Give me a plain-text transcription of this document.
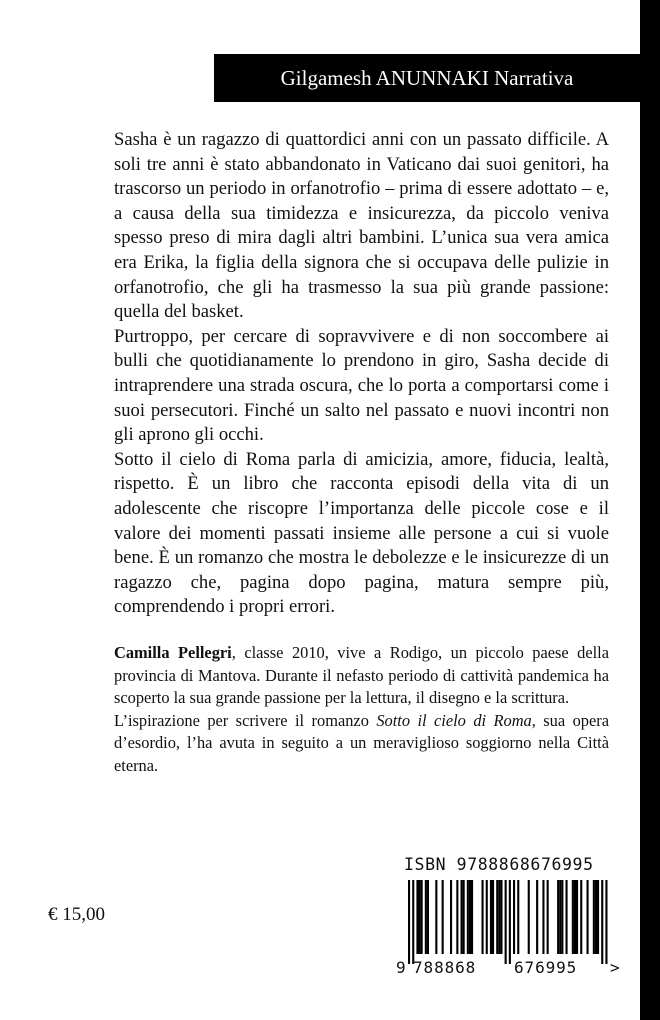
Gilgamesh ANUNNAKI Narrativa

Sasha è un ragazzo di quattordici anni con un passato difficile. A soli tre anni è stato abbandonato in Vaticano dai suoi genitori, ha trascorso un periodo in orfanotrofio – prima di essere adottato – e, a causa della sua timidezza e insicurezza, da piccolo veniva spesso preso di mira dagli altri bambini. L’unica sua vera amica era Erika, la figlia della signora che si occupava delle pulizie in orfanotrofio, che gli ha trasmesso la sua più grande passione: quella del basket.

Purtroppo, per cercare di sopravvivere e di non soccombere ai bulli che quotidianamente lo prendono in giro, Sasha decide di intraprendere una strada oscura, che lo porta a comportarsi come i suoi persecutori. Finché un salto nel passato e nuovi incontri non gli aprono gli occhi.

Sotto il cielo di Roma parla di amicizia, amore, fiducia, lealtà, rispetto. È un libro che racconta episodi della vita di un adolescente che riscopre l’importanza delle piccole cose e il valore dei momenti passati insieme alle persone a cui si vuole bene. È un romanzo che mostra le debolezze e le insicurezze di un ragazzo che, pagina dopo pagina, matura sempre più, comprendendo i propri errori.

Camilla Pellegri, classe 2010, vive a Rodigo, un piccolo paese della provincia di Mantova. Durante il nefasto periodo di cattività pandemica ha scoperto la sua grande passione per la lettura, il disegno e la scrittura.

L’ispirazione per scrivere il romanzo Sotto il cielo di Roma, sua opera d’esordio, l’ha avuta in seguito a un meraviglioso soggiorno nella Città eterna.

€ 15,00
ISBN 9788868676995
9 788868 676995 >
